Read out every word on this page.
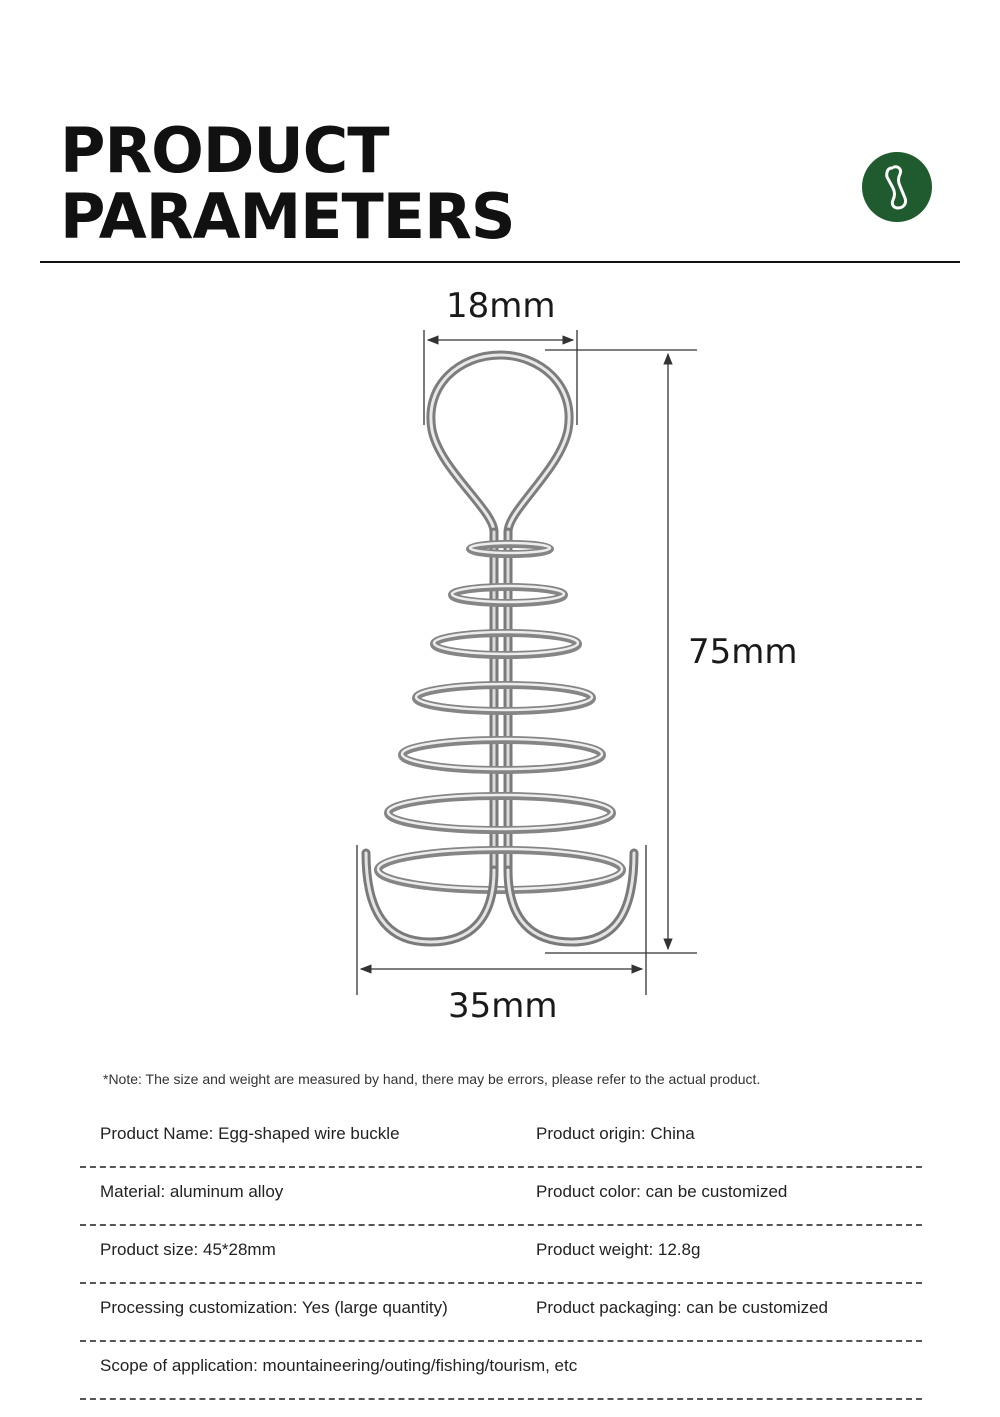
PRODUCT
PARAMETERS
18mm
75mm
35mm
*Note: The size and weight are measured by hand, there may be errors, please refer to the actual product.
Product Name: Egg-shaped wire buckle	Product origin: China
Material: aluminum alloy	Product color: can be customized
Product size: 45*28mm	Product weight: 12.8g
Processing customization: Yes (large quantity)	Product packaging: can be customized
Scope of application: mountaineering/outing/fishing/tourism, etc
